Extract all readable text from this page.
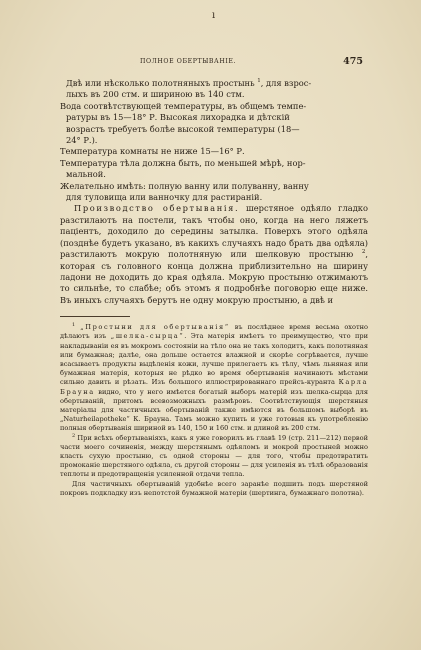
ı
ПОЛНОЕ ОБЕРТЫВАНІЕ.	475

Двѣ или нѣсколько полотняныхъ простынь $^1$, для взрос-

лыхъ въ 200 стм. и шириною въ 140 стм.

Вода соотвѣтствующей температуры, въ общемъ темпе-

ратуры въ 15—18° Р. Высокая лихорадка и дѣтскій

возрастъ требуетъ болѣе высокой температуры (18—

24° Р.).

Температура комнаты не ниже 15—16° Р.

Температура тѣла должна быть, по меньшей мѣрѣ, нор-

мальной.

Желательно имѣть: полную ванну или полуванну, ванну

для туловища или ванночку для растираній.

Производство обертыванія. шерстяное одѣяло гладко разстилаютъ на постели, такъ чтобы оно, когда на него ляжетъ паціентъ, доходило до середины затылка. Поверхъ этого одѣяла (позднѣе будетъ указано, въ какихъ случаяхъ надо брать два одѣяла) разстилаютъ мокрую полотняную или шелковую простыню $^2$, которая съ головного конца должна приблизительно на ширину ладони не доходить до края одѣяла. Мокрую простыню отжимаютъ то сильнѣе, то слабѣе; объ этомъ я подробнѣе поговорю еще ниже. Въ иныхъ случаяхъ берутъ не одну мокрую простыню, а двѣ и

$^1$ „Простыни для обертыванія“ въ послѣднее время весьма охотно дѣлаютъ изъ „шелка-сырца“. Эта матерія имѣетъ то преимущество, что при накладываніи ея въ мокромъ состояніи на тѣло она не такъ холодитъ, какъ полотняная или бумажная; далѣе, она дольше остается влажной и скорѣе согрѣвается, лучше всасываетъ продукты выдѣленія кожи, лучше прилегаетъ къ тѣлу, чѣмъ льняная или бумажная матерія, которыя не рѣдко во время обертыванія начинаютъ мѣстами сильно давить и рѣзать. Изъ большого иллюстрированнаго прейсъ-куранта Карла Брауна видно, что у него имѣется богатый выборъ матерій изъ шелка-сырца для обертываній, притомъ всевозможныхъ размѣровъ. Соотвѣтствующія шерстяныя матеріалы для частичныхъ обертываній также имѣются въ большомъ выборѣ въ „Naturheilapotheke“ К. Брауна. Тамъ можно купить и уже готовыя къ употребленію полныя обертыванія шириной въ 140, 150 и 160 стм. и длиной въ 200 стм.

$^2$ При всѣхъ обертываніяхъ, какъ я уже говорилъ въ главѣ 19 (стр. 211—212) первой части моего сочиненія, между шерстянымъ одѣяломъ и мокрой простыней можно класть сухую простыню, съ одной стороны — для того, чтобы предотвратить промоканіе шерстяного одѣяла, съ другой стороны — для усиленія въ тѣлѣ образованія теплоты и предотвращенія усиленной отдачи тепла.

Для частичныхъ обертываній удобнѣе всего заранѣе подшить подъ шерстяной покровъ подкладку изъ непотстой бумажной матеріи (шертинга, бумажнаго полотна).
